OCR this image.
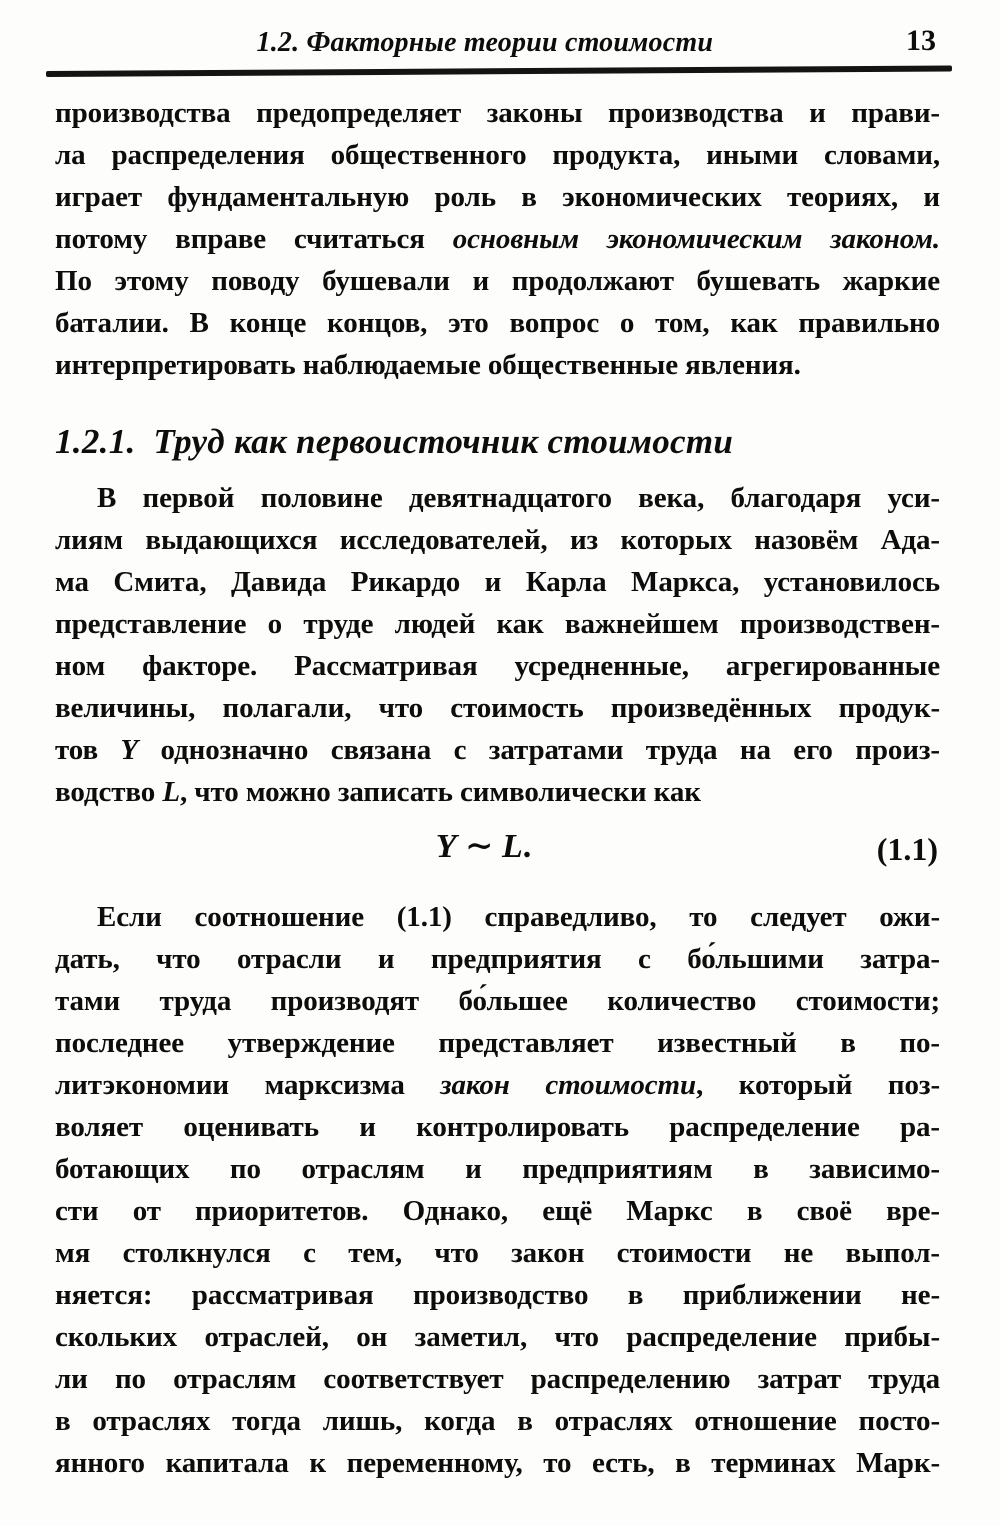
1.2. Факторные теории стоимости	13
производства предопределяет законы производства и прави-
ла распределения общественного продукта, иными словами,
играет фундаментальную роль в экономических теориях, и
потому вправе считаться основным экономическим законом.
По этому поводу бушевали и продолжают бушевать жаркие
баталии. В конце концов, это вопрос о том, как правильно
интерпретировать наблюдаемые общественные явления.
1.2.1. Труд как первоисточник стоимости
В первой половине девятнадцатого века, благодаря уси-
лиям выдающихся исследователей, из которых назовём Ада-
ма Смита, Давида Рикардо и Карла Маркса, установилось
представление о труде людей как важнейшем производствен-
ном факторе. Рассматривая усредненные, агрегированные
величины, полагали, что стоимость произведённых продук-
тов Y однозначно связана с затратами труда на его произ-
водство L, что можно записать символически как
Y ∼ L.	(1.1)
Если соотношение (1.1) справедливо, то следует ожи-
дать, что отрасли и предприятия с бо́льшими затра-
тами труда производят бо́льшее количество стоимости;
последнее утверждение представляет известный в по-
литэкономии марксизма закон стоимости, который поз-
воляет оценивать и контролировать распределение ра-
ботающих по отраслям и предприятиям в зависимо-
сти от приоритетов. Однако, ещё Маркс в своё вре-
мя столкнулся с тем, что закон стоимости не выпол-
няется: рассматривая производство в приближении не-
скольких отраслей, он заметил, что распределение прибы-
ли по отраслям соответствует распределению затрат труда
в отраслях тогда лишь, когда в отраслях отношение посто-
янного капитала к переменному, то есть, в терминах Марк-
